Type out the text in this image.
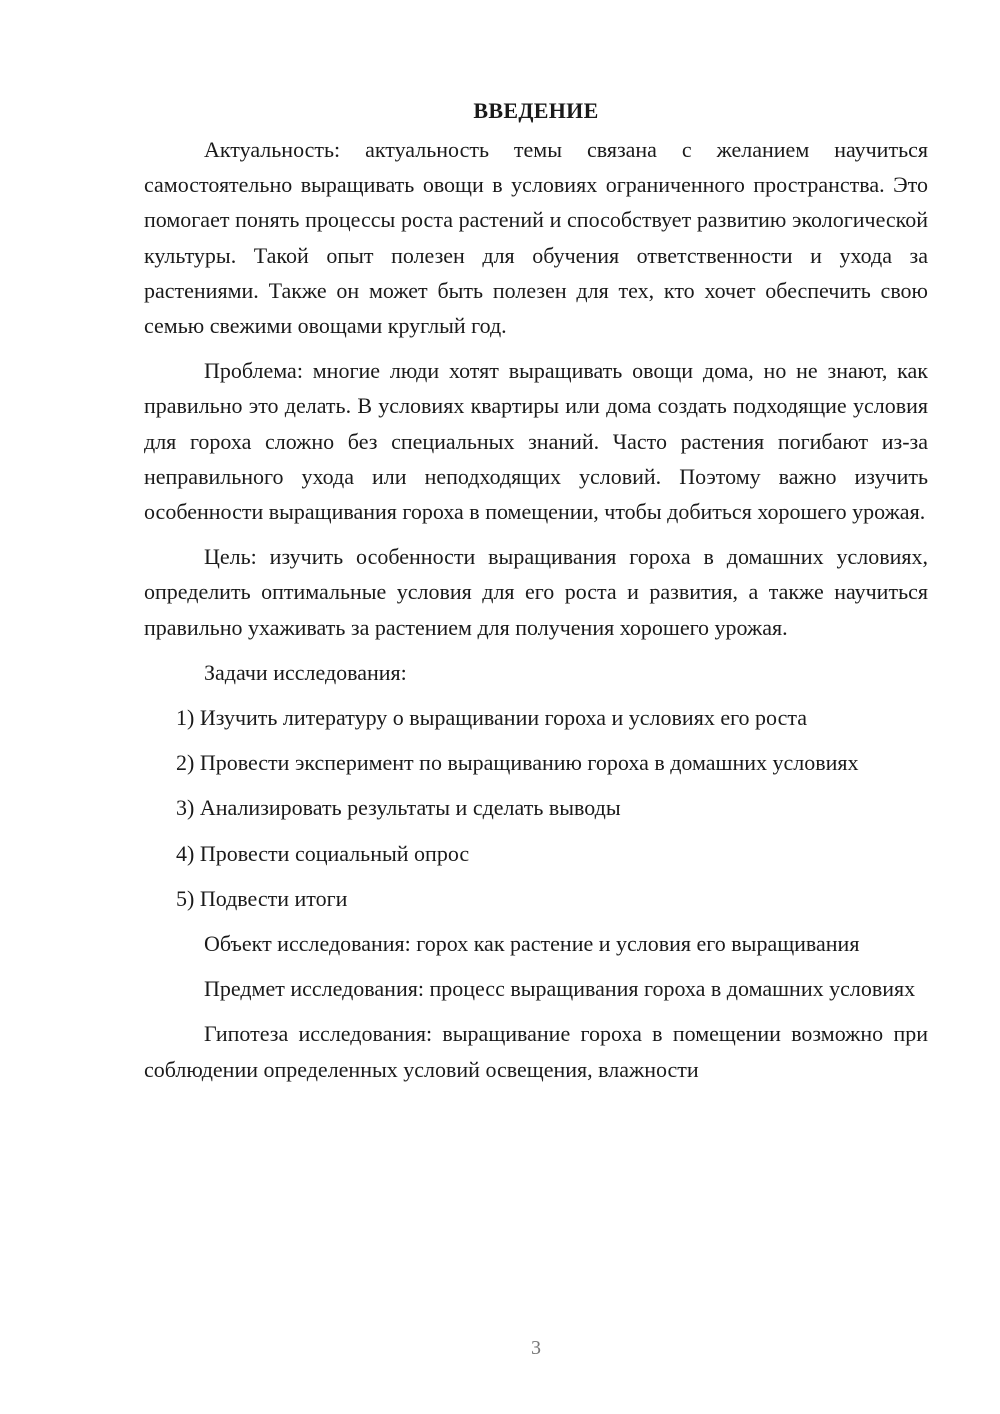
ВВЕДЕНИЕ

Актуальность: актуальность темы связана с желанием научиться самостоятельно выращивать овощи в условиях ограниченного пространства. Это помогает понять процессы роста растений и способствует развитию экологической культуры. Такой опыт полезен для обучения ответственности и ухода за растениями. Также он может быть полезен для тех, кто хочет обеспечить свою семью свежими овощами круглый год.

Проблема: многие люди хотят выращивать овощи дома, но не знают, как правильно это делать. В условиях квартиры или дома создать подходящие условия для гороха сложно без специальных знаний. Часто растения погибают из-за неправильного ухода или неподходящих условий. Поэтому важно изучить особенности выращивания гороха в помещении, чтобы добиться хорошего урожая.

Цель: изучить особенности выращивания гороха в домашних условиях, определить оптимальные условия для его роста и развития, а также научиться правильно ухаживать за растением для получения хорошего урожая.

Задачи исследования:

1) Изучить литературу о выращивании гороха и условиях его роста

2) Провести эксперимент по выращиванию гороха в домашних условиях

3) Анализировать результаты и сделать выводы

4) Провести социальный опрос

5) Подвести итоги

Объект исследования: горох как растение и условия его выращивания

Предмет исследования: процесс выращивания гороха в домашних условиях

Гипотеза исследования: выращивание гороха в помещении возможно при соблюдении определенных условий освещения, влажности

3
